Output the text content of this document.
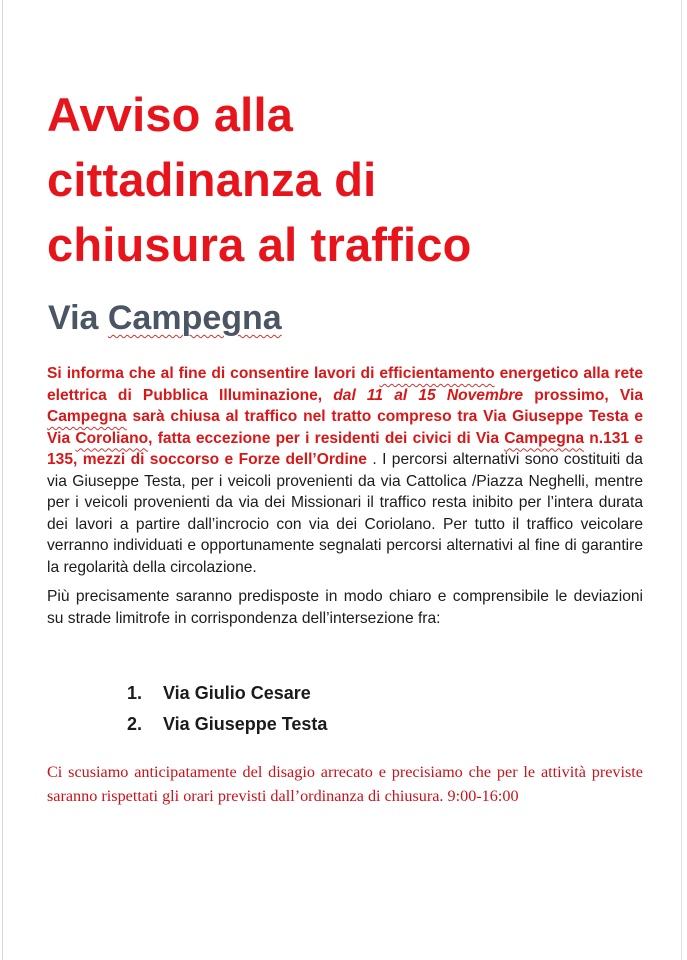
Avviso alla
cittadinanza di
chiusura al traffico
Via Campegna

Si informa che al fine di consentire lavori di efficientamento energetico alla rete elettrica di Pubblica Illuminazione, dal 11 al 15 Novembre prossimo, Via Campegna sarà chiusa al traffico nel tratto compreso tra Via Giuseppe Testa e Via Coroliano, fatta eccezione per i residenti dei civici di Via Campegna n.131 e 135, mezzi di soccorso e Forze dell’Ordine . I percorsi alternativi sono costituiti da via Giuseppe Testa, per i veicoli provenienti da via Cattolica /Piazza Neghelli, mentre per i veicoli provenienti da via dei Missionari il traffico resta inibito per l’intera durata dei lavori a partire dall’incrocio con via dei Coriolano. Per tutto il traffico veicolare verranno individuati e opportunamente segnalati percorsi alternativi al fine di garantire la regolarità della circolazione.

Più precisamente saranno predisposte in modo chiaro e comprensibile le deviazioni su strade limitrofe in corrispondenza dell’intersezione fra:

1. Via Giulio Cesare
2. Via Giuseppe Testa

Ci scusiamo anticipatamente del disagio arrecato e precisiamo che per le attività previste saranno rispettati gli orari previsti dall’ordinanza di chiusura. 9:00-16:00
